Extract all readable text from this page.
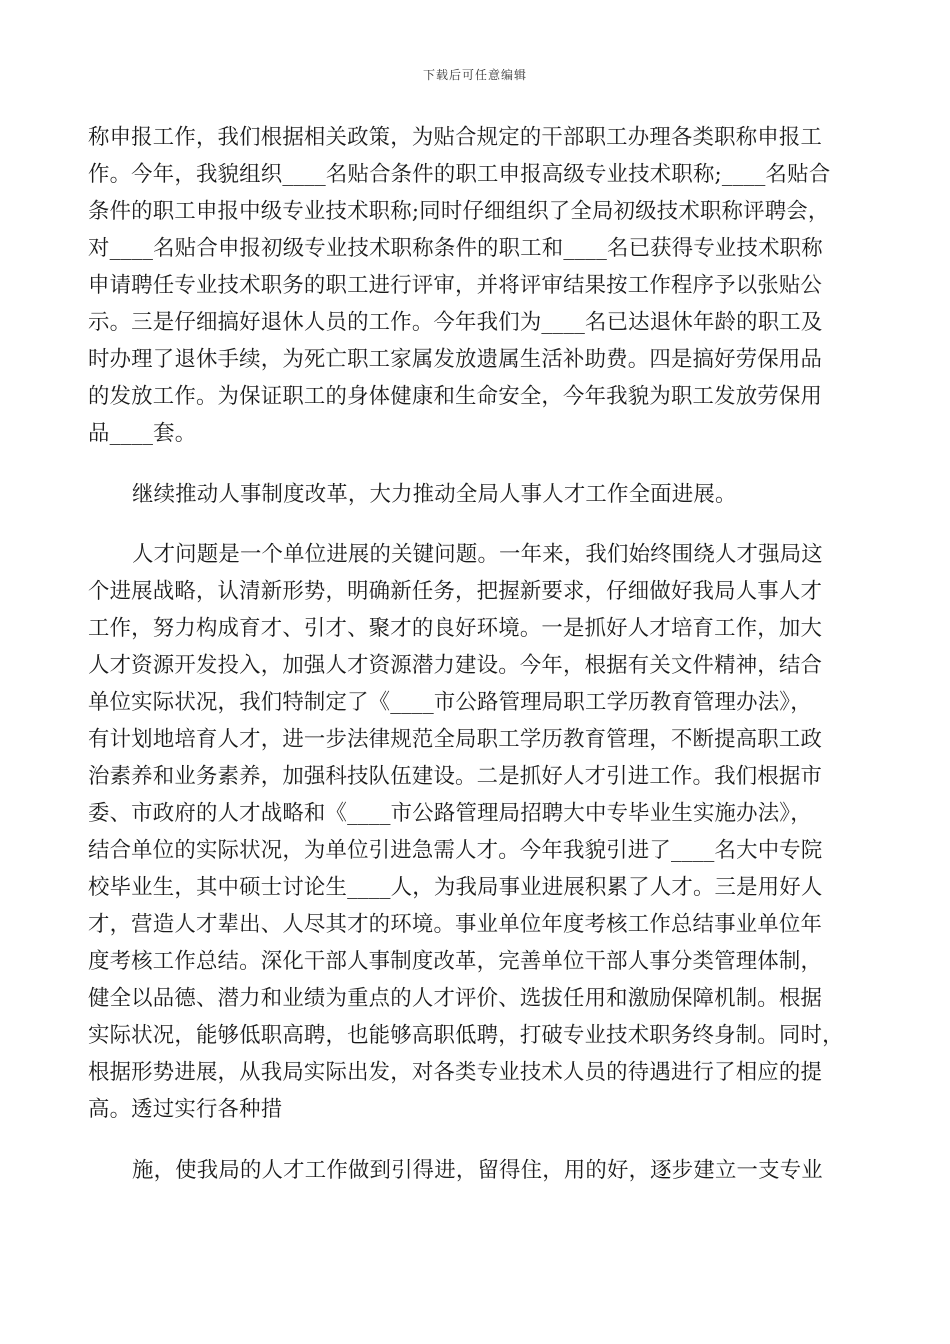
下载后可任意编辑
称申报工作，我们根据相关政策，为贴合规定的干部职工办理各类职称申报工
作。今年，我貌组织____名贴合条件的职工申报高级专业技术职称;____名贴合
条件的职工申报中级专业技术职称;同时仔细组织了全局初级技术职称评聘会，
对____名贴合申报初级专业技术职称条件的职工和____名已获得专业技术职称
申请聘任专业技术职务的职工进行评审，并将评审结果按工作程序予以张贴公
示。三是仔细搞好退休人员的工作。今年我们为____名已达退休年龄的职工及
时办理了退休手续，为死亡职工家属发放遗属生活补助费。四是搞好劳保用品
的发放工作。为保证职工的身体健康和生命安全，今年我貌为职工发放劳保用
品____套。
继续推动人事制度改革，大力推动全局人事人才工作全面进展。
人才问题是一个单位进展的关键问题。一年来，我们始终围绕人才强局这
个进展战略，认清新形势，明确新任务，把握新要求，仔细做好我局人事人才
工作，努力构成育才、引才、聚才的良好环境。一是抓好人才培育工作，加大
人才资源开发投入，加强人才资源潜力建设。今年，根据有关文件精神，结合
单位实际状况，我们特制定了《____市公路管理局职工学历教育管理办法》，
有计划地培育人才，进一步法律规范全局职工学历教育管理，不断提高职工政
治素养和业务素养，加强科技队伍建设。二是抓好人才引进工作。我们根据市
委、市政府的人才战略和《____市公路管理局招聘大中专毕业生实施办法》，
结合单位的实际状况，为单位引进急需人才。今年我貌引进了____名大中专院
校毕业生，其中硕士讨论生____人，为我局事业进展积累了人才。三是用好人
才，营造人才辈出、人尽其才的环境。事业单位年度考核工作总结事业单位年
度考核工作总结。深化干部人事制度改革，完善单位干部人事分类管理体制，
健全以品德、潜力和业绩为重点的人才评价、选拔任用和激励保障机制。根据
实际状况，能够低职高聘，也能够高职低聘，打破专业技术职务终身制。同时，
根据形势进展，从我局实际出发，对各类专业技术人员的待遇进行了相应的提
高。透过实行各种措
施，使我局的人才工作做到引得进，留得住，用的好，逐步建立一支专业
